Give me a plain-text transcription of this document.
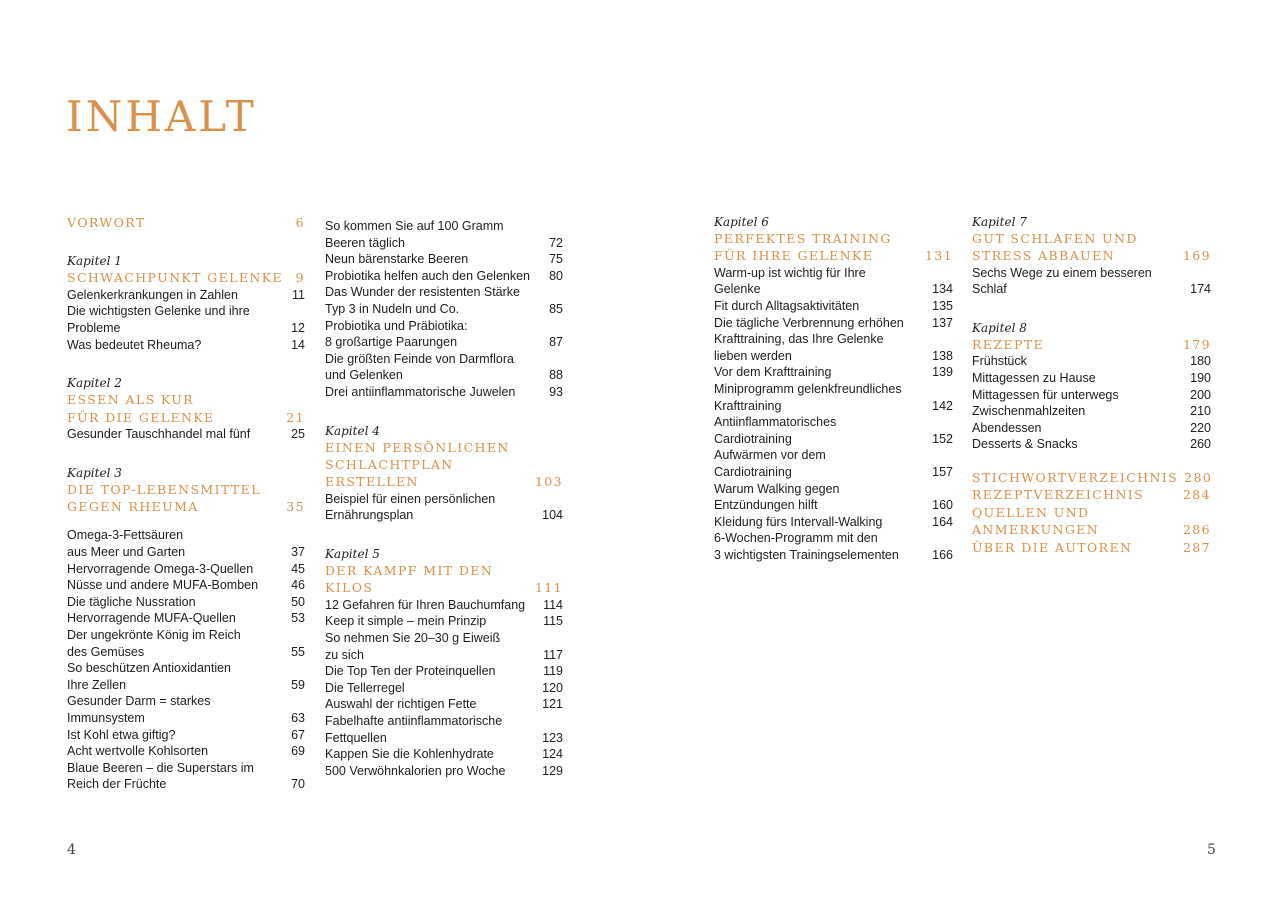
INHALT
VORWORT	6
Kapitel 1
SCHWACHPUNKT GELENKE	9
Gelenkerkrankungen in Zahlen	11
Die wichtigsten Gelenke und ihre
Probleme	12
Was bedeutet Rheuma?	14
Kapitel 2
ESSEN ALS KUR
FÜR DIE GELENKE	21
Gesunder Tauschhandel mal fünf	25
Kapitel 3
DIE TOP-LEBENSMITTEL
GEGEN RHEUMA	35
Omega-3-Fettsäuren
aus Meer und Garten	37
Hervorragende Omega-3-Quellen	45
Nüsse und andere MUFA-Bomben	46
Die tägliche Nussration	50
Hervorragende MUFA-Quellen	53
Der ungekrönte König im Reich
des Gemüses	55
So beschützen Antioxidantien
Ihre Zellen	59
Gesunder Darm = starkes
Immunsystem	63
Ist Kohl etwa giftig?	67
Acht wertvolle Kohlsorten	69
Blaue Beeren – die Superstars im
Reich der Früchte	70
So kommen Sie auf 100 Gramm
Beeren täglich	72
Neun bärenstarke Beeren	75
Probiotika helfen auch den Gelenken	80
Das Wunder der resistenten Stärke
Typ 3 in Nudeln und Co.	85
Probiotika und Präbiotika:
8 großartige Paarungen	87
Die größten Feinde von Darmflora
und Gelenken	88
Drei antiinflammatorische Juwelen	93
Kapitel 4
EINEN PERSÖNLICHEN
SCHLACHTPLAN
ERSTELLEN	103
Beispiel für einen persönlichen
Ernährungsplan	104
Kapitel 5
DER KAMPF MIT DEN
KILOS	111
12 Gefahren für Ihren Bauchumfang	114
Keep it simple – mein Prinzip	115
So nehmen Sie 20–30 g Eiweiß
zu sich	117
Die Top Ten der Proteinquellen	119
Die Tellerregel	120
Auswahl der richtigen Fette	121
Fabelhafte antiinflammatorische
Fettquellen	123
Kappen Sie die Kohlenhydrate	124
500 Verwöhnkalorien pro Woche	129
Kapitel 6
PERFEKTES TRAINING
FÜR IHRE GELENKE	131
Warm-up ist wichtig für Ihre
Gelenke	134
Fit durch Alltagsaktivitäten	135
Die tägliche Verbrennung erhöhen	137
Krafttraining, das Ihre Gelenke
lieben werden	138
Vor dem Krafttraining	139
Miniprogramm gelenkfreundliches
Krafttraining	142
Antiinflammatorisches
Cardiotraining	152
Aufwärmen vor dem
Cardiotraining	157
Warum Walking gegen
Entzündungen hilft	160
Kleidung fürs Intervall-Walking	164
6-Wochen-Programm mit den
3 wichtigsten Trainingselementen	166
Kapitel 7
GUT SCHLAFEN UND
STRESS ABBAUEN	169
Sechs Wege zu einem besseren
Schlaf	174
Kapitel 8
REZEPTE	179
Frühstück	180
Mittagessen zu Hause	190
Mittagessen für unterwegs	200
Zwischenmahlzeiten	210
Abendessen	220
Desserts & Snacks	260
STICHWORTVERZEICHNIS 280
REZEPTVERZEICHNIS	284
QUELLEN UND
ANMERKUNGEN	286
ÜBER DIE AUTOREN	287
4	5
